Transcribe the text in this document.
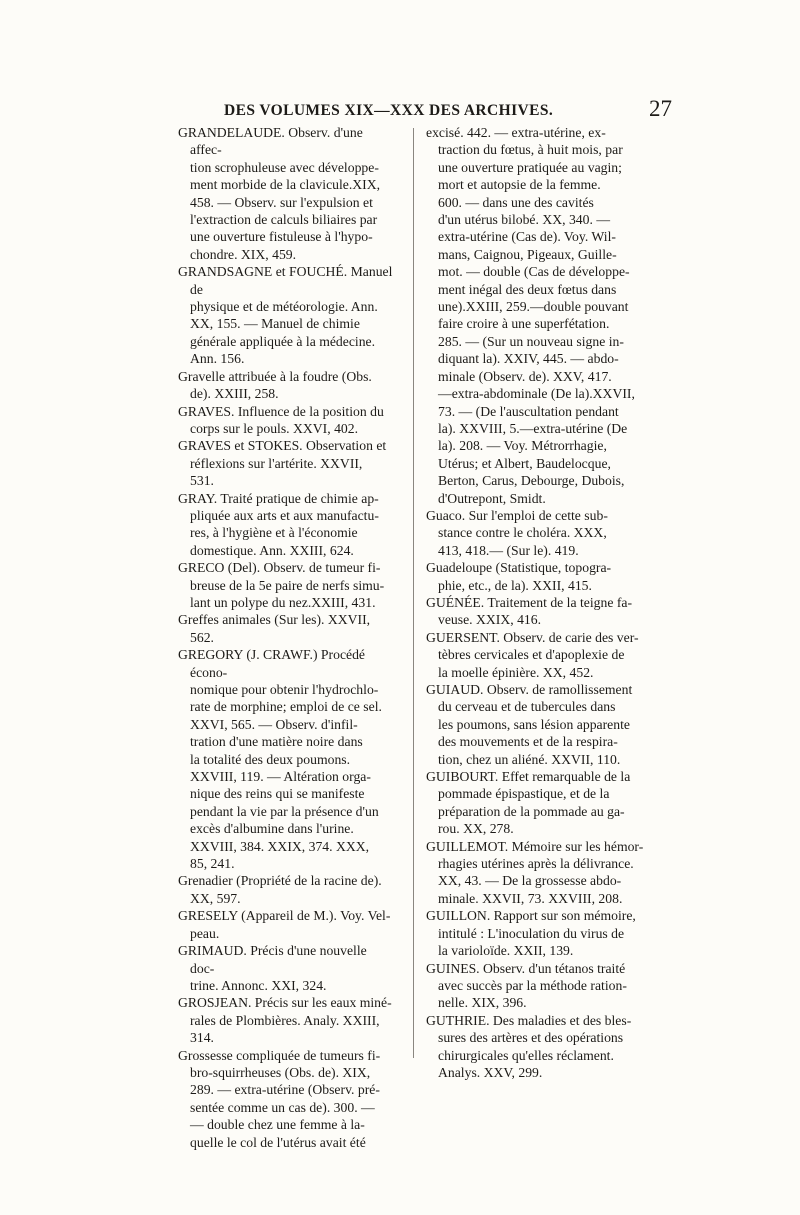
DES VOLUMES XIX—XXX DES ARCHIVES.	27

GRANDELAUDE. Observ. d'une affec-
tion scrophuleuse avec développe-
ment morbide de la clavicule.XIX,
458. — Observ. sur l'expulsion et
l'extraction de calculs biliaires par
une ouverture fistuleuse à l'hypo-
chondre. XIX, 459.

GRANDSAGNE et FOUCHÉ. Manuel de
physique et de météorologie. Ann.
XX, 155. — Manuel de chimie
générale appliquée à la médecine.
Ann. 156.

Gravelle attribuée à la foudre (Obs.
de). XXIII, 258.

GRAVES. Influence de la position du
corps sur le pouls. XXVI, 402.

GRAVES et STOKES. Observation et
réflexions sur l'artérite. XXVII,
531.

GRAY. Traité pratique de chimie ap-
pliquée aux arts et aux manufactu-
res, à l'hygiène et à l'économie
domestique. Ann. XXIII, 624.

GRECO (Del). Observ. de tumeur fi-
breuse de la 5e paire de nerfs simu-
lant un polype du nez.XXIII, 431.

Greffes animales (Sur les). XXVII,
562.

GREGORY (J. CRAWF.) Procédé écono-
nomique pour obtenir l'hydrochlo-
rate de morphine; emploi de ce sel.
XXVI, 565. — Observ. d'infil-
tration d'une matière noire dans
la totalité des deux poumons.
XXVIII, 119. — Altération orga-
nique des reins qui se manifeste
pendant la vie par la présence d'un
excès d'albumine dans l'urine.
XXVIII, 384. XXIX, 374. XXX,
85, 241.

Grenadier (Propriété de la racine de).
XX, 597.

GRESELY (Appareil de M.). Voy. Vel-
peau.

GRIMAUD. Précis d'une nouvelle doc-
trine. Annonc. XXI, 324.

GROSJEAN. Précis sur les eaux miné-
rales de Plombières. Analy. XXIII,
314.

Grossesse compliquée de tumeurs fi-
bro-squirrheuses (Obs. de). XIX,
289. — extra-utérine (Observ. pré-
sentée comme un cas de). 300. —
— double chez une femme à la-
quelle le col de l'utérus avait été

excisé. 442. — extra-utérine, ex-
traction du fœtus, à huit mois, par
une ouverture pratiquée au vagin;
mort et autopsie de la femme.
600. — dans une des cavités
d'un utérus bilobé. XX, 340. —
extra-utérine (Cas de). Voy. Wil-
mans, Caignou, Pigeaux, Guille-
mot. — double (Cas de développe-
ment inégal des deux fœtus dans
une).XXIII, 259.—double pouvant
faire croire à une superfétation.
285. — (Sur un nouveau signe in-
diquant la). XXIV, 445. — abdo-
minale (Observ. de). XXV, 417.
—extra-abdominale (De la).XXVII,
73. — (De l'auscultation pendant
la). XXVIII, 5.—extra-utérine (De
la). 208. — Voy. Métrorrhagie,
Utérus; et Albert, Baudelocque,
Berton, Carus, Debourge, Dubois,
d'Outrepont, Smidt.

Guaco. Sur l'emploi de cette sub-
stance contre le choléra. XXX,
413, 418.— (Sur le). 419.

Guadeloupe (Statistique, topogra-
phie, etc., de la). XXII, 415.

GUÉNÉE. Traitement de la teigne fa-
veuse. XXIX, 416.

GUERSENT. Observ. de carie des ver-
tèbres cervicales et d'apoplexie de
la moelle épinière. XX, 452.

GUIAUD. Observ. de ramollissement
du cerveau et de tubercules dans
les poumons, sans lésion apparente
des mouvements et de la respira-
tion, chez un aliéné. XXVII, 110.

GUIBOURT. Effet remarquable de la
pommade épispastique, et de la
préparation de la pommade au ga-
rou. XX, 278.

GUILLEMOT. Mémoire sur les hémor-
rhagies utérines après la délivrance.
XX, 43. — De la grossesse abdo-
minale. XXVII, 73. XXVIII, 208.

GUILLON. Rapport sur son mémoire,
intitulé : L'inoculation du virus de
la varioloïde. XXII, 139.

GUINES. Observ. d'un tétanos traité
avec succès par la méthode ration-
nelle. XIX, 396.

GUTHRIE. Des maladies et des bles-
sures des artères et des opérations
chirurgicales qu'elles réclament.
Analys. XXV, 299.
